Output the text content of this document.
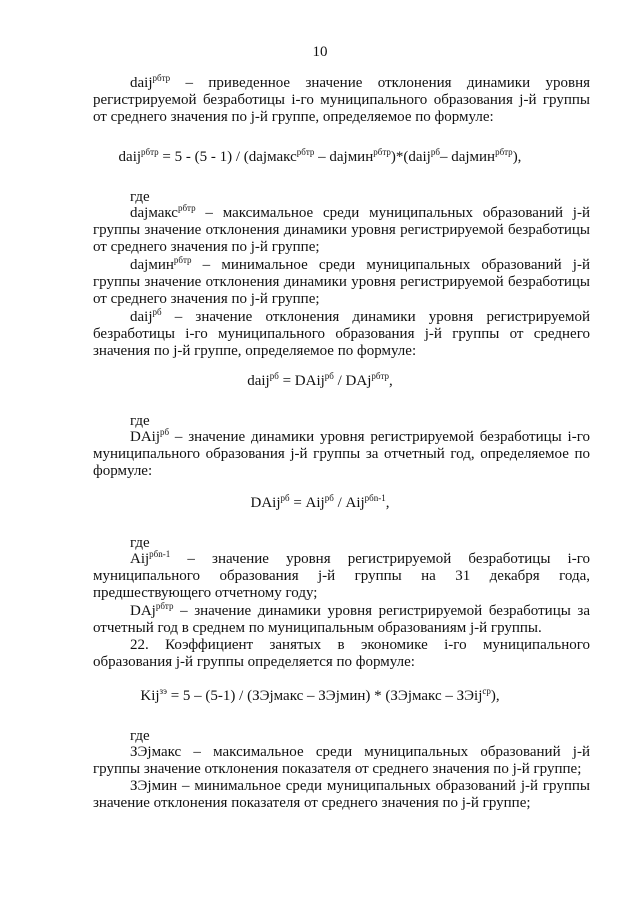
10
daij$^{рбтр}$ – приведенное значение отклонения динамики уровня регистрируемой безработицы i-го муниципального образования j-й группы от среднего значения по j-й группе, определяемое по формуле:
daij$^{рбтр}$ = 5 - (5 - 1) / (dajмакс$^{рбтр}$ – dajмин$^{рбтр}$)*(daij$^{рб}$– dajмин$^{рбтр}$),
где
dajмакс$^{рбтр}$ – максимальное среди муниципальных образований j-й группы значение отклонения динамики уровня регистрируемой безработицы от среднего значения по j-й группе;
dajмин$^{рбтр}$ – минимальное среди муниципальных образований j-й группы значение отклонения динамики уровня регистрируемой безработицы от среднего значения по j-й группе;
daij$^{рб}$ – значение отклонения динамики уровня регистрируемой безработицы i-го муниципального образования j-й группы от среднего значения по j-й группе, определяемое по формуле:
daij$^{рб}$ = DAij$^{рб}$ / DAj$^{рбтр}$,
где
DAij$^{рб}$ – значение динамики уровня регистрируемой безработицы i-го муниципального образования j-й группы за отчетный год, определяемое по формуле:
DAij$^{рб}$ = Aij$^{рб}$ / Aij$^{рбn-1}$,
где
Aij$^{рбn-1}$ – значение уровня регистрируемой безработицы i-го муниципального образования j-й группы на 31 декабря года, предшествующего отчетному году;
DAj$^{рбтр}$ – значение динамики уровня регистрируемой безработицы за отчетный год в среднем по муниципальным образованиям j-й группы.
22. Коэффициент занятых в экономике i-го муниципального образования j-й группы определяется по формуле:
Kij$^{зэ}$ = 5 – (5-1) / (ЗЭjмакс – ЗЭjмин) * (ЗЭjмакс – ЗЭij$^{ср}$),
где
ЗЭjмакс – максимальное среди муниципальных образований j-й группы значение отклонения показателя от среднего значения по j-й группе;
ЗЭjмин – минимальное среди муниципальных образований j-й группы значение отклонения показателя от среднего значения по j-й группе;
